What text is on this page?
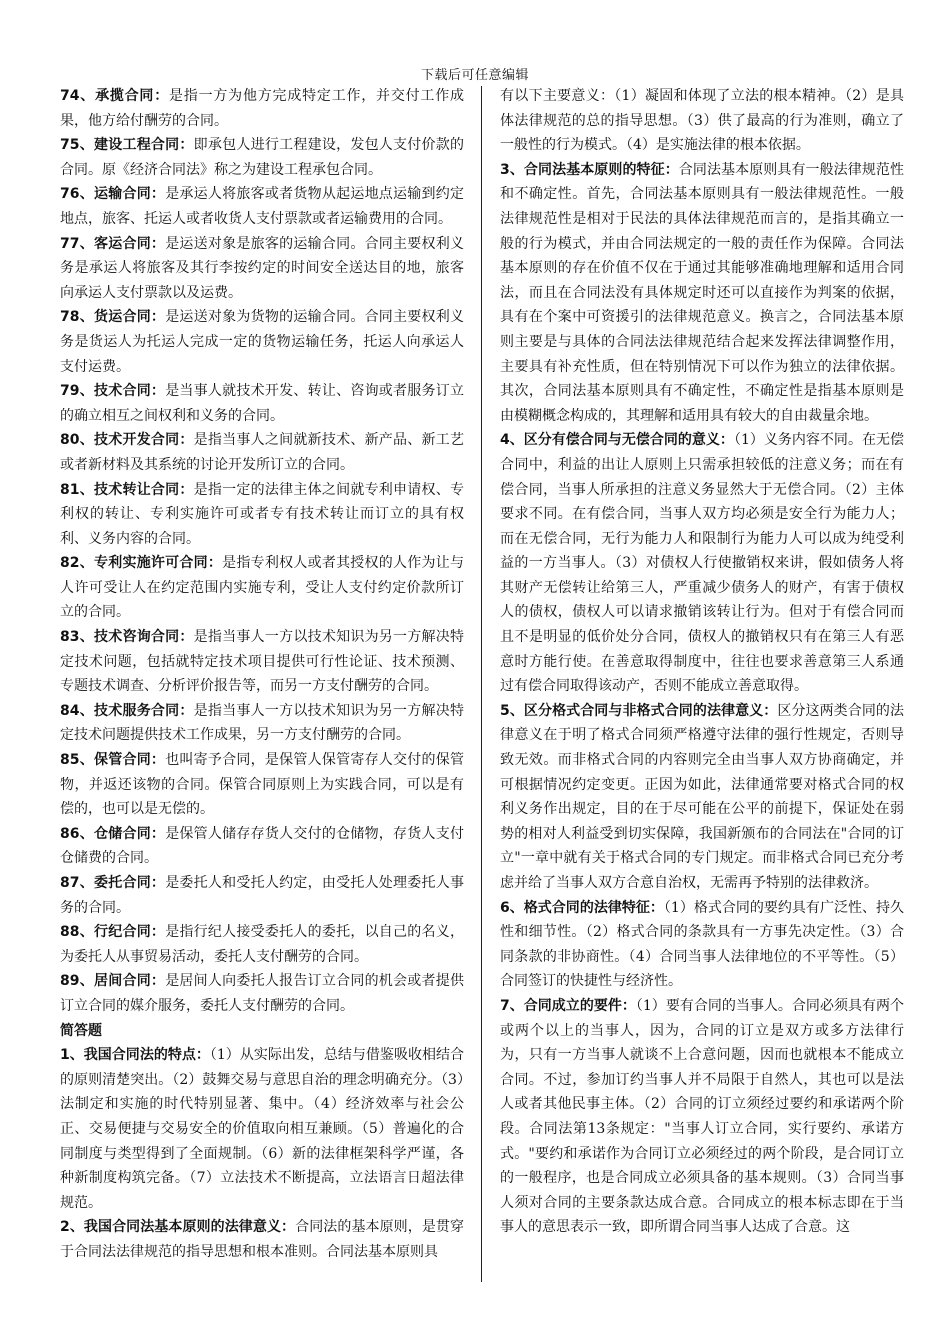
下载后可任意编辑

74、承揽合同：是指一方为他方完成特定工作，并交付工作成果，他方给付酬劳的合同。

75、建设工程合同：即承包人进行工程建设，发包人支付价款的合同。原《经济合同法》称之为建设工程承包合同。

76、运输合同：是承运人将旅客或者货物从起运地点运输到约定地点，旅客、托运人或者收货人支付票款或者运输费用的合同。

77、客运合同：是运送对象是旅客的运输合同。合同主要权利义务是承运人将旅客及其行李按约定的时间安全送达目的地，旅客向承运人支付票款以及运费。

78、货运合同：是运送对象为货物的运输合同。合同主要权利义务是货运人为托运人完成一定的货物运输任务，托运人向承运人支付运费。

79、技术合同：是当事人就技术开发、转让、咨询或者服务订立的确立相互之间权利和义务的合同。

80、技术开发合同：是指当事人之间就新技术、新产品、新工艺或者新材料及其系统的讨论开发所订立的合同。

81、技术转让合同：是指一定的法律主体之间就专利申请权、专利权的转让、专利实施许可或者专有技术转让而订立的具有权利、义务内容的合同。

82、专利实施许可合同：是指专利权人或者其授权的人作为让与人许可受让人在约定范围内实施专利，受让人支付约定价款所订立的合同。

83、技术咨询合同：是指当事人一方以技术知识为另一方解决特定技术问题，包括就特定技术项目提供可行性论证、技术预测、专题技术调查、分析评价报告等，而另一方支付酬劳的合同。

84、技术服务合同：是指当事人一方以技术知识为另一方解决特定技术问题提供技术工作成果，另一方支付酬劳的合同。

85、保管合同：也叫寄予合同，是保管人保管寄存人交付的保管物，并返还该物的合同。保管合同原则上为实践合同，可以是有偿的，也可以是无偿的。

86、仓储合同：是保管人储存存货人交付的仓储物，存货人支付仓储费的合同。

87、委托合同：是委托人和受托人约定，由受托人处理委托人事务的合同。

88、行纪合同：是指行纪人接受委托人的委托，以自己的名义，为委托人从事贸易活动，委托人支付酬劳的合同。

89、居间合同：是居间人向委托人报告订立合同的机会或者提供订立合同的媒介服务，委托人支付酬劳的合同。

简答题

1、我国合同法的特点：（1）从实际出发，总结与借鉴吸收相结合的原则清楚突出。（2）鼓舞交易与意思自治的理念明确充分。（3）法制定和实施的时代特别显著、集中。（4）经济效率与社会公正、交易便捷与交易安全的价值取向相互兼顾。（5）普遍化的合同制度与类型得到了全面规制。（6）新的法律框架科学严谨，各种新制度构筑完备。（7）立法技术不断提高，立法语言日超法律规范。

2、我国合同法基本原则的法律意义：合同法的基本原则，是贯穿于合同法法律规范的指导思想和根本准则。合同法基本原则具

有以下主要意义：（1）凝固和体现了立法的根本精神。（2）是具体法律规范的总的指导思想。（3）供了最高的行为准则，确立了一般性的行为模式。（4）是实施法律的根本依据。

3、合同法基本原则的特征：合同法基本原则具有一般法律规范性和不确定性。首先，合同法基本原则具有一般法律规范性。一般法律规范性是相对于民法的具体法律规范而言的，是指其确立一般的行为模式，并由合同法规定的一般的责任作为保障。合同法基本原则的存在价值不仅在于通过其能够准确地理解和适用合同法，而且在合同法没有具体规定时还可以直接作为判案的依据，具有在个案中可资援引的法律规范意义。换言之，合同法基本原则主要是与具体的合同法法律规范结合起来发挥法律调整作用，主要具有补充性质，但在特别情况下可以作为独立的法律依据。其次，合同法基本原则具有不确定性，不确定性是指基本原则是由模糊概念构成的，其理解和适用具有较大的自由裁量余地。

4、区分有偿合同与无偿合同的意义：（1）义务内容不同。在无偿合同中，利益的出让人原则上只需承担较低的注意义务；而在有偿合同，当事人所承担的注意义务显然大于无偿合同。（2）主体要求不同。在有偿合同，当事人双方均必须是安全行为能力人；而在无偿合同，无行为能力人和限制行为能力人可以成为纯受利益的一方当事人。（3）对债权人行使撤销权来讲，假如债务人将其财产无偿转让给第三人，严重减少债务人的财产，有害于债权人的债权，债权人可以请求撤销该转让行为。但对于有偿合同而且不是明显的低价处分合同，债权人的撤销权只有在第三人有恶意时方能行使。在善意取得制度中，往往也要求善意第三人系通过有偿合同取得该动产，否则不能成立善意取得。

5、区分格式合同与非格式合同的法律意义：区分这两类合同的法律意义在于明了格式合同须严格遵守法律的强行性规定，否则导致无效。而非格式合同的内容则完全由当事人双方协商确定，并可根据情况约定变更。正因为如此，法律通常要对格式合同的权利义务作出规定，目的在于尽可能在公平的前提下，保证处在弱势的相对人利益受到切实保障，我国新颁布的合同法在"合同的订立"一章中就有关于格式合同的专门规定。而非格式合同已充分考虑并给了当事人双方合意自治权，无需再予特别的法律救济。

6、格式合同的法律特征：（1）格式合同的要约具有广泛性、持久性和细节性。（2）格式合同的条款具有一方事先决定性。（3）合同条款的非协商性。（4）合同当事人法律地位的不平等性。（5）合同签订的快捷性与经济性。

7、合同成立的要件：（1）要有合同的当事人。合同必须具有两个或两个以上的当事人，因为，合同的订立是双方或多方法律行为，只有一方当事人就谈不上合意问题，因而也就根本不能成立合同。不过，参加订约当事人并不局限于自然人，其也可以是法人或者其他民事主体。（2）合同的订立须经过要约和承诺两个阶段。合同法第13条规定："当事人订立合同，实行要约、承诺方式。"要约和承诺作为合同订立必须经过的两个阶段，是合同订立的一般程序，也是合同成立必须具备的基本规则。（3）合同当事人须对合同的主要条款达成合意。合同成立的根本标志即在于当事人的意思表示一致，即所谓合同当事人达成了合意。这
